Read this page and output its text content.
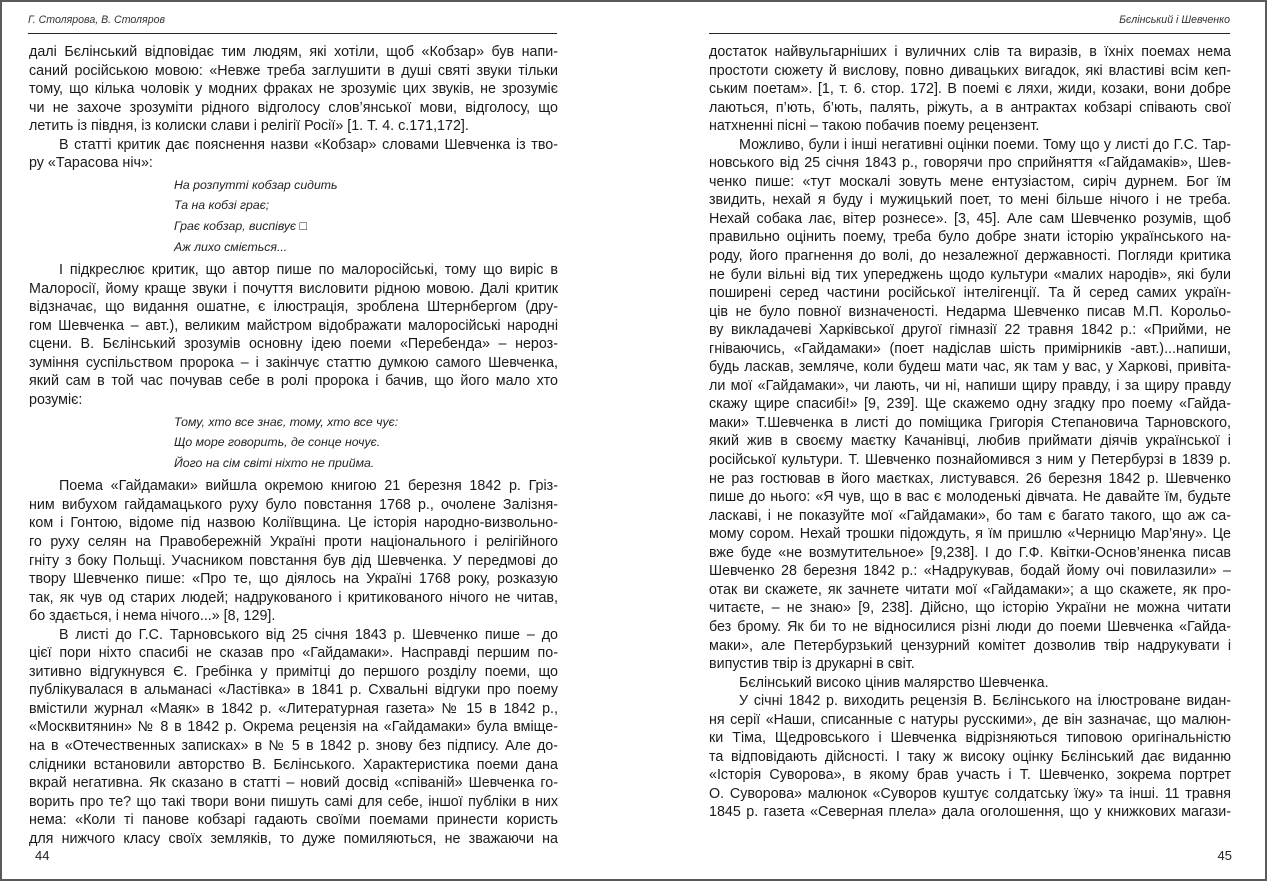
Г. Столярова, В. Столяров

далі Бєлінський відповідає тим людям, які хотіли, щоб «Кобзар» був напи-
саний російською мовою: «Невже треба заглушити в душі святі звуки тільки
тому, що кілька чоловік у модних фраках не зрозуміє цих звуків, не зрозуміє
чи не захоче зрозуміти рідного відголосу слов’янської мови, відголосу, що
летить із півдня, із колиски слави і релігії Росії» [1. Т. 4. с.171,172].

В статті критик дає пояснення назви «Кобзар» словами Шевченка із тво-
ру «Тарасова ніч»:

На розпутті кобзар сидить
Та на кобзі грає;
Грає кобзар, виспівує □
Аж лихо сміється...

І підкреслює критик, що автор пише по малоросійські, тому що виріс в
Малоросії, йому краще звуки і почуття висловити рідною мовою. Далі критик
відзначає, що видання ошатне, є ілюстрація, зроблена Штернбергом (дру-
гом Шевченка – авт.), великим майстром відображати малоросійські народні
сцени. В. Бєлінський зрозумів основну ідею поеми «Перебенда» – нероз-
зуміння суспільством пророка – і закінчує статтю думкою самого Шевченка,
який сам в той час почував себе в ролі пророка і бачив, що його мало хто
розуміє:

Тому, хто все знає, тому, хто все чує:
Що море говорить, де сонце ночує.
Його на сім світі ніхто не прийма.

Поема «Гайдамаки» вийшла окремою книгою 21 березня 1842 р. Гріз-
ним вибухом гайдамацького руху було повстання 1768 р., очолене Залізня-
ком і Гонтою, відоме під назвою Коліївщина. Це історія народно-визвольно-
го руху селян на Правобережній Україні проти національного і релігійного
гніту з боку Польщі. Учасником повстання був дід Шевченка. У передмові до
твору Шевченко пише: «Про те, що діялось на Україні 1768 року, розказую
так, як чув од старих людей; надрукованого і критикованого нічого не читав,
бо здається, і нема нічого...» [8, 129].

В листі до Г.С. Тарновського від 25 січня 1843 р. Шевченко пише – до
цієї пори ніхто спасибі не сказав про «Гайдамаки». Насправді першим по-
зитивно відгукнувся Є. Гребінка у примітці до першого розділу поеми, що
публікувалася в альманасі «Ластівка» в 1841 р. Схвальні відгуки про поему
вмістили журнал «Маяк» в 1842 р. «Литературная газета» № 15 в 1842 р.,
«Москвитянин» № 8 в 1842 р. Окрема рецензія на «Гайдамаки» була вміще-
на в «Отечественных записках» в № 5 в 1842 р. знову без підпису. Але до-
слідники встановили авторство В. Бєлінського. Характеристика поеми дана
вкрай негативна. Як сказано в статті – новий досвід «співаній» Шевченка го-
ворить про те? що такі твори вони пишуть самі для себе, іншої публіки в них
нема: «Коли ті панове кобзарі гадають своїми поемами принести користь
для нижчого класу своїх земляків, то дуже помиляються, не зважаючи на

44
Бєлінський і Шевченко

достаток найвульгарніших і вуличних слів та виразів, в їхніх поемах нема
простоти сюжету й вислову, повно дивацьких вигадок, які властиві всім кеп-
ським поетам». [1, т. 6. стор. 172]. В поемі є ляхи, жиди, козаки, вони добре
лаються, п’ють, б’ють, палять, ріжуть, а в антрактах кобзарі співають свої
натхненні пісні – такою побачив поему рецензент.

Можливо, були і інші негативні оцінки поеми. Тому що у листі до Г.С. Тар-
новського від 25 січня 1843 р., говорячи про сприйняття «Гайдамаків», Шев-
ченко пише: «тут москалі зовуть мене ентузіастом, сиріч дурнем. Бог їм
звидить, нехай я буду і мужицький поет, то мені більше нічого і не треба.
Нехай собака лає, вітер рознесе». [3, 45]. Але сам Шевченко розумів, щоб
правильно оцінить поему, треба було добре знати історію українського на-
роду, його прагнення до волі, до незалежної державності. Погляди критика
не були вільні від тих упереджень щодо культури «малих народів», які були
поширені серед частини російської інтелігенції. Та й серед самих україн-
ців не було повної визначеності. Недарма Шевченко писав М.П. Корольо-
ву викладачеві Харківської другої гімназії 22 травня 1842 р.: «Прийми, не
гніваючись, «Гайдамаки» (поет надіслав шість примірників -авт.)...напиши,
будь ласкав, земляче, коли будеш мати час, як там у вас, у Харкові, привіта-
ли мої «Гайдамаки», чи лають, чи ні, напиши щиру правду, і за щиру правду
скажу щире спасибі!» [9, 239]. Ще скажемо одну згадку про поему «Гайда-
маки» Т.Шевченка в листі до поміщика Григорія Степановича Тарновского,
який жив в своєму маєтку Качанівці, любив приймати діячів української і
російської культури. Т. Шевченко познайомився з ним у Петербурзі в 1839 р.
не раз гостював в його маєтках, листувався. 26 березня 1842 р. Шевченко
пише до нього: «Я чув, що в вас є молоденькі дівчата. Не давайте їм, будьте
ласкаві, і не показуйте мої «Гайдамаки», бо там є багато такого, що аж са-
мому сором. Нехай трошки підождуть, я їм пришлю «Черницю Мар’яну». Це
вже буде «не возмутительное» [9,238]. І до Г.Ф. Квітки-Основ’яненка писав
Шевченко 28 березня 1842 р.: «Надрукував, бодай йому очі повилазили» –
отак ви скажете, як зачнете читати мої «Гайдамаки»; а що скажете, як про-
читаєте, – не знаю» [9, 238]. Дійсно, що історію України не можна читати
без брому. Як би то не відносилися різні люди до поеми Шевченка «Гайда-
маки», але Петербурзький цензурний комітет дозволив твір надрукувати і
випустив твір із друкарні в світ.

Бєлінський високо цінив малярство Шевченка.

У січні 1842 р. виходить рецензія В. Бєлінського на ілюстроване видан-
ня серії «Наши, списанные с натуры русскими», де він зазначає, що малюн-
ки Тіма, Щедровського і Шевченка відрізняються типовою оригінальністю
та відповідають дійсності. І таку ж високу оцінку Бєлінський дає виданню
«Історія Суворова», в якому брав участь і Т. Шевченко, зокрема портрет
О. Суворова» малюнок «Суворов куштує солдатську їжу» та інші. 11 травня
1845 р. газета «Северная плела» дала оголошення, що у книжкових магази-

45
